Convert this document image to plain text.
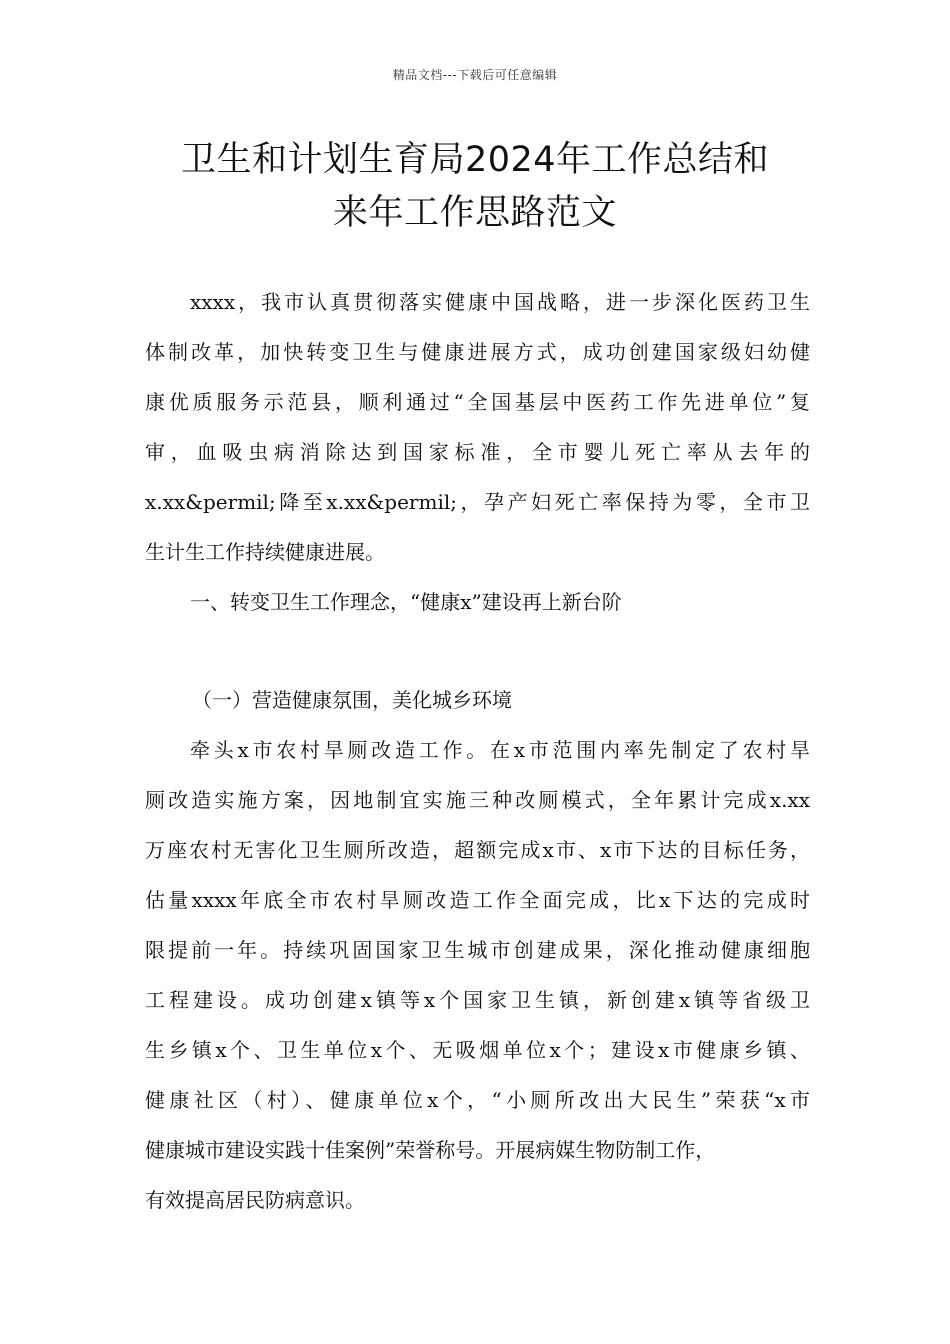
精品文档---下载后可任意编辑
卫生和计划生育局2024年工作总结和
来年工作思路范文

xxxx，我市认真贯彻落实健康中国战略，进一步深化医药卫生

体制改革，加快转变卫生与健康进展方式，成功创建国家级妇幼健

康优质服务示范县，顺利通过“全国基层中医药工作先进单位”复

审，血吸虫病消除达到国家标准，全市婴儿死亡率从去年的

x.xx&permil;降至x.xx&permil;，孕产妇死亡率保持为零，全市卫

生计生工作持续健康进展。

一、转变卫生工作理念，“健康x”建设再上新台阶

（一）营造健康氛围，美化城乡环境

牵头x市农村旱厕改造工作。在x市范围内率先制定了农村旱

厕改造实施方案，因地制宜实施三种改厕模式，全年累计完成x.xx

万座农村无害化卫生厕所改造，超额完成x市、x市下达的目标任务，

估量xxxx年底全市农村旱厕改造工作全面完成，比x下达的完成时

限提前一年。持续巩固国家卫生城市创建成果，深化推动健康细胞

工程建设。成功创建x镇等x个国家卫生镇，新创建x镇等省级卫

生乡镇x个、卫生单位x个、无吸烟单位x个；建设x市健康乡镇、

健康社区（村）、健康单位x个，“小厕所改出大民生”荣获“x市

健康城市建设实践十佳案例”荣誉称号。开展病媒生物防制工作，

有效提高居民防病意识。
